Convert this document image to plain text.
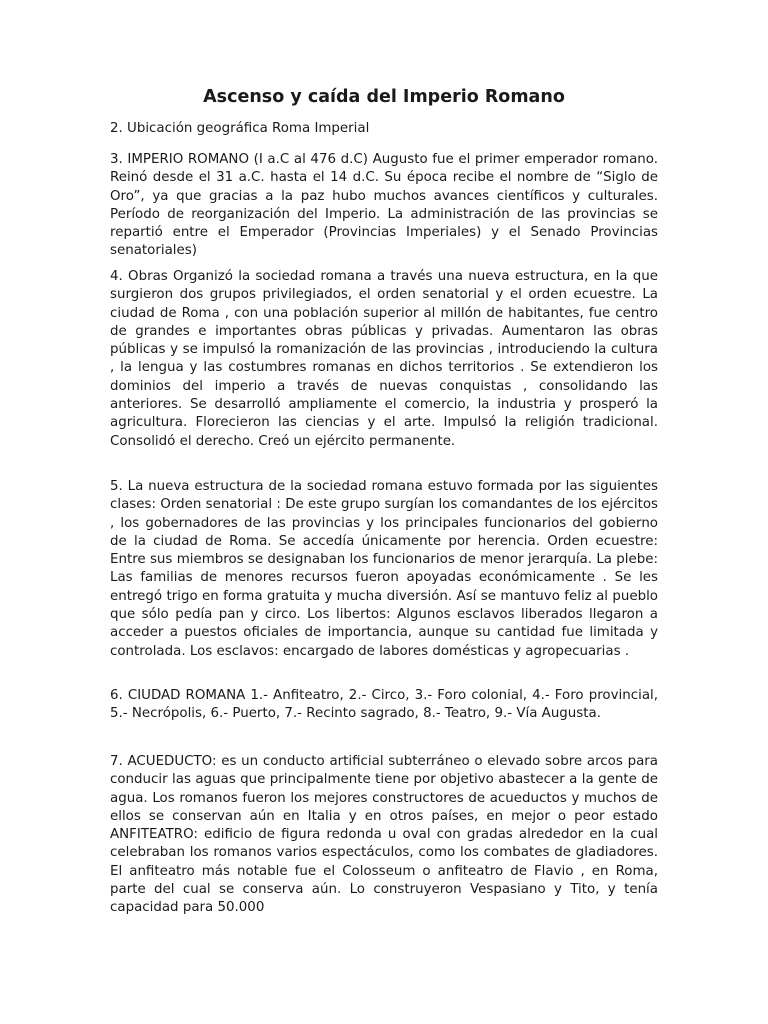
Ascenso y caída del Imperio Romano

2. Ubicación geográfica Roma Imperial

3. IMPERIO ROMANO (I a.C al 476 d.C) Augusto fue el primer emperador romano. Reinó desde el 31 a.C. hasta el 14 d.C. Su época recibe el nombre de “Siglo de Oro”, ya que gracias a la paz hubo muchos avances científicos y culturales. Período de reorganización del Imperio. La administración de las provincias se repartió entre el Emperador (Provincias Imperiales) y el Senado Provincias senatoriales)

4. Obras Organizó la sociedad romana a través una nueva estructura, en la que surgieron dos grupos privilegiados, el orden senatorial y el orden ecuestre. La ciudad de Roma , con una población superior al millón de habitantes, fue centro de grandes e importantes obras públicas y privadas. Aumentaron las obras públicas y se impulsó la romanización de las provincias , introduciendo la cultura , la lengua y las costumbres romanas en dichos territorios . Se extendieron los dominios del imperio a través de nuevas conquistas , consolidando las anteriores. Se desarrolló ampliamente el comercio, la industria y prosperó la agricultura. Florecieron las ciencias y el arte. Impulsó la religión tradicional. Consolidó el derecho. Creó un ejército permanente.

5. La nueva estructura de la sociedad romana estuvo formada por las siguientes clases: Orden senatorial : De este grupo surgían los comandantes de los ejércitos , los gobernadores de las provincias y los principales funcionarios del gobierno de la ciudad de Roma. Se accedía únicamente por herencia. Orden ecuestre: Entre sus miembros se designaban los funcionarios de menor jerarquía. La plebe: Las familias de menores recursos fueron apoyadas económicamente . Se les entregó trigo en forma gratuita y mucha diversión. Así se mantuvo feliz al pueblo que sólo pedía pan y circo. Los libertos: Algunos esclavos liberados llegaron a acceder a puestos oficiales de importancia, aunque su cantidad fue limitada y controlada. Los esclavos: encargado de labores domésticas y agropecuarias .

6. CIUDAD ROMANA 1.- Anfiteatro, 2.- Circo, 3.- Foro colonial, 4.- Foro provincial, 5.- Necrópolis, 6.- Puerto, 7.- Recinto sagrado, 8.- Teatro, 9.- Vía Augusta.

7. ACUEDUCTO: es un conducto artificial subterráneo o elevado sobre arcos para conducir las aguas que principalmente tiene por objetivo abastecer a la gente de agua. Los romanos fueron los mejores constructores de acueductos y muchos de ellos se conservan aún en Italia y en otros países, en mejor o peor estado ANFITEATRO: edificio de figura redonda u oval con gradas alrededor en la cual celebraban los romanos varios espectáculos, como los combates de gladiadores. El anfiteatro más notable fue el Colosseum o anfiteatro de Flavio , en Roma, parte del cual se conserva aún. Lo construyeron Vespasiano y Tito, y tenía capacidad para 50.000
